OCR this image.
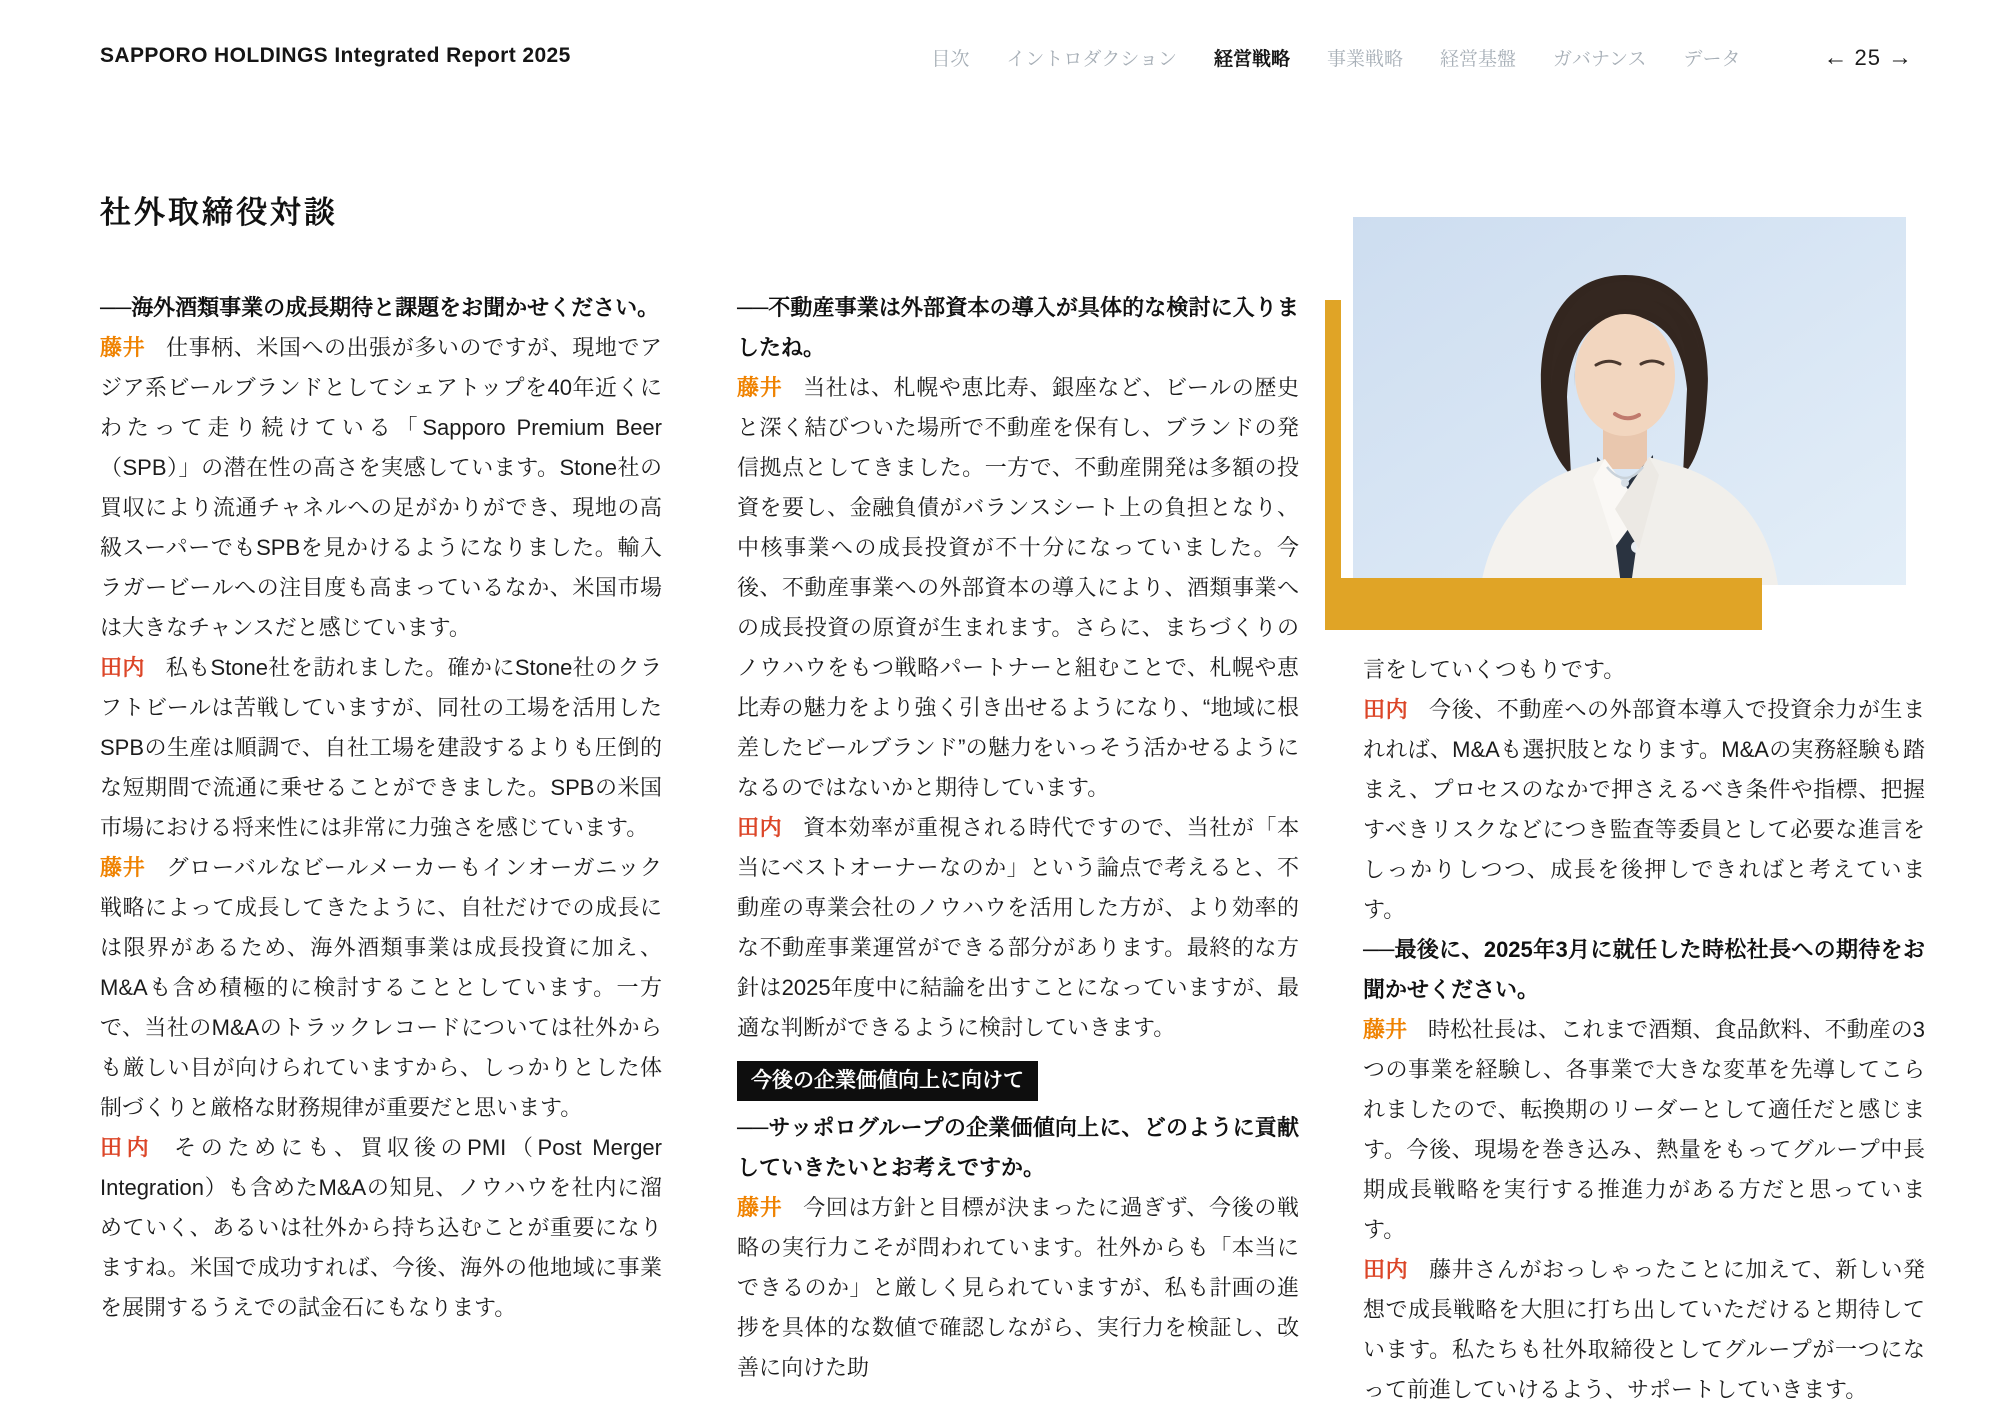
SAPPORO HOLDINGS Integrated Report 2025	目次 イントロダクション 経営戦略 事業戦略 経営基盤 ガバナンス データ	← 25 →
社外取締役対談

──海外酒類事業の成長期待と課題をお聞かせください。

藤井 仕事柄、米国への出張が多いのですが、現地でアジア系ビールブランドとしてシェアトップを40年近くにわたって走り続けている「Sapporo Premium Beer（SPB）」の潜在性の高さを実感しています。Stone社の買収により流通チャネルへの足がかりができ、現地の高級スーパーでもSPBを見かけるようになりました。輸入ラガービールへの注目度も高まっているなか、米国市場は大きなチャンスだと感じています。

田内 私もStone社を訪れました。確かにStone社のクラフトビールは苦戦していますが、同社の工場を活用したSPBの生産は順調で、自社工場を建設するよりも圧倒的な短期間で流通に乗せることができました。SPBの米国市場における将来性には非常に力強さを感じています。

藤井 グローバルなビールメーカーもインオーガニック戦略によって成長してきたように、自社だけでの成長には限界があるため、海外酒類事業は成長投資に加え、M&Aも含め積極的に検討することとしています。一方で、当社のM&Aのトラックレコードについては社外からも厳しい目が向けられていますから、しっかりとした体制づくりと厳格な財務規律が重要だと思います。

田内 そのためにも、買収後のPMI（Post Merger Integration）も含めたM&Aの知見、ノウハウを社内に溜めていく、あるいは社外から持ち込むことが重要になりますね。米国で成功すれば、今後、海外の他地域に事業を展開するうえでの試金石にもなります。

──不動産事業は外部資本の導入が具体的な検討に入りましたね。

藤井 当社は、札幌や恵比寿、銀座など、ビールの歴史と深く結びついた場所で不動産を保有し、ブランドの発信拠点としてきました。一方で、不動産開発は多額の投資を要し、金融負債がバランスシート上の負担となり、中核事業への成長投資が不十分になっていました。今後、不動産事業への外部資本の導入により、酒類事業への成長投資の原資が生まれます。さらに、まちづくりのノウハウをもつ戦略パートナーと組むことで、札幌や恵比寿の魅力をより強く引き出せるようになり、“地域に根差したビールブランド”の魅力をいっそう活かせるようになるのではないかと期待しています。

田内 資本効率が重視される時代ですので、当社が「本当にベストオーナーなのか」という論点で考えると、不動産の専業会社のノウハウを活用した方が、より効率的な不動産事業運営ができる部分があります。最終的な方針は2025年度中に結論を出すことになっていますが、最適な判断ができるように検討していきます。

今後の企業価値向上に向けて

──サッポログループの企業価値向上に、どのように貢献していきたいとお考えですか。

藤井 今回は方針と目標が決まったに過ぎず、今後の戦略の実行力こそが問われています。社外からも「本当にできるのか」と厳しく見られていますが、私も計画の進捗を具体的な数値で確認しながら、実行力を検証し、改善に向けた助

言をしていくつもりです。

田内 今後、不動産への外部資本導入で投資余力が生まれれば、M&Aも選択肢となります。M&Aの実務経験も踏まえ、プロセスのなかで押さえるべき条件や指標、把握すべきリスクなどにつき監査等委員として必要な進言をしっかりしつつ、成長を後押しできればと考えています。

──最後に、2025年3月に就任した時松社長への期待をお聞かせください。

藤井 時松社長は、これまで酒類、食品飲料、不動産の3つの事業を経験し、各事業で大きな変革を先導してこられましたので、転換期のリーダーとして適任だと感じます。今後、現場を巻き込み、熱量をもってグループ中長期成長戦略を実行する推進力がある方だと思っています。

田内 藤井さんがおっしゃったことに加えて、新しい発想で成長戦略を大胆に打ち出していただけると期待しています。私たちも社外取締役としてグループが一つになって前進していけるよう、サポートしていきます。
